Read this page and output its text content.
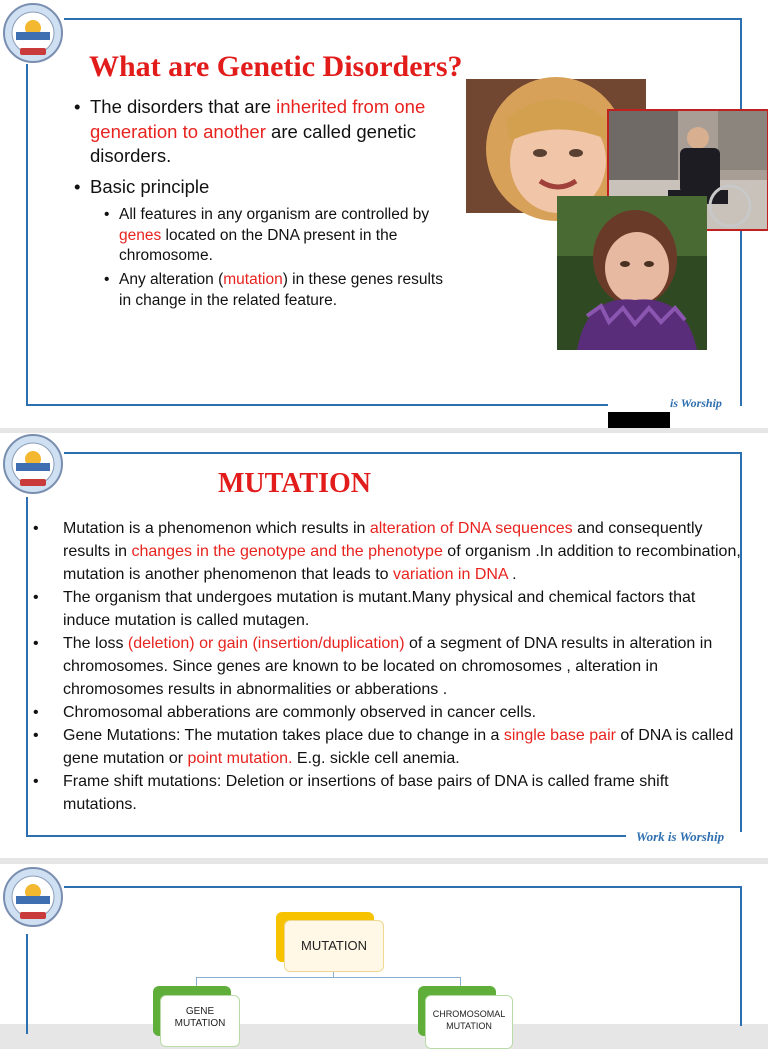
What are Genetic Disorders?
• The disorders that are inherited from one generation to another are called genetic disorders.
• Basic principle
• All features in any organism are controlled by genes located on the DNA present in the chromosome.
• Any alteration (mutation) in these genes results in change in the related feature.
is Worship
MUTATION
• Mutation is a phenomenon which results in alteration of DNA sequences and consequently results in changes in the genotype and the phenotype of organism .In addition to recombination, mutation is another phenomenon that leads to variation in DNA .
• The organism that undergoes mutation is mutant.Many physical and chemical factors that induce mutation is called mutagen.
• The loss (deletion) or gain (insertion/duplication) of a segment of DNA results in alteration in chromosomes. Since genes are known to be located on chromosomes , alteration in chromosomes results in abnormalities or abberations .
• Chromosomal abberations are commonly observed in cancer cells.
• Gene Mutations: The mutation takes place due to change in a single base pair of DNA is called gene mutation or point mutation. E.g. sickle cell anemia.
• Frame shift mutations: Deletion or insertions of base pairs of DNA is called frame shift mutations.
Work is Worship
MUTATION
GENE MUTATION
CHROMOSOMAL MUTATION
